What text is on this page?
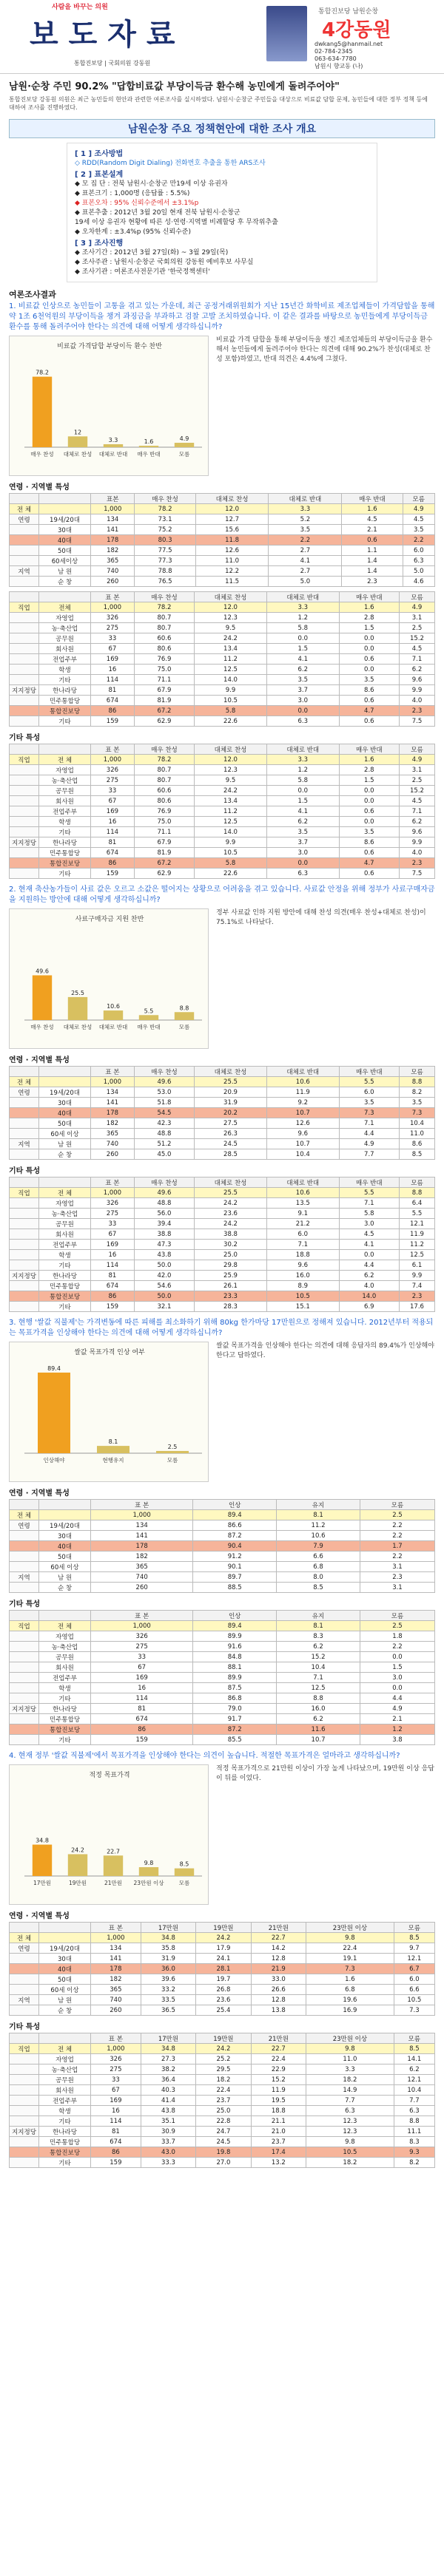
사람을 바꾸는 의원
보도자료
통합진보당 | 국회의원 강동원
통합진보당 남원순창
4강동원
dwkang5@hanmail.net
02-784-2345
063-634-7780
남원시 향교동 (나)
남원·순창 주민 90.2% "답합비료값 부당이득금 환수해 농민에게 돌려주어야"
통합진보당 강동원 의원은 최근 농민들의 현안과 관련한 여론조사를 실시하였다. 남원시·순창군 주민들을 대상으로 비료값 담합 문제, 농민들에 대한 정부 정책 등에 대하여 조사를 진행하였다.
남원순창 주요 정책현안에 대한 조사 개요
[ 1 ] 조사방법
◇ RDD(Random Digit Dialing) 전화번호 추출을 통한 ARS조사
[ 2 ] 표본설계
◆ 모 집 단 : 전북 남원시·순창군 만19세 이상 유권자
◆ 표본크기 : 1,000명 (응답률 : 5.5%)
◆ 표본오차 : 95% 신뢰수준에서 ±3.1%p
◆ 표본추출 : 2012년 3월 20일 현재 전북 남원시·순창군
19세 이상 유권자 현황에 따른 성·연령·지역별 비례할당 후 무작위추출
◆ 오차한계 : ±3.4%p (95% 신뢰수준)
[ 3 ] 조사진행
◆ 조사기간 : 2012년 3월 27일(화) ~ 3월 29일(목)
◆ 조사주관 : 남원시·순창군 국회의원 강동원 예비후보 사무실
◆ 조사기관 : 여론조사전문기관 '한국정책센터'
여론조사결과
1. 비료값 인상으로 농민들이 고통을 겪고 있는 가운데, 최근 공정거래위원회가 지난 15년간 화학비료 제조업체들이 가격담합을 통해 약 1조 6천억원의 부당이득을 챙겨 과징금을 부과하고 검찰 고발 조치하였습니다. 이 같은 결과를 바탕으로 농민들에게 부당이득금 환수를 통해 돌려주어야 한다는 의견에 대해 어떻게 생각하십니까?
비료값 가격담합 부당이득 환수 찬반
78.2
매우 찬성
12
대체로 찬성
3.3
대체로 반대
1.6
매우 반대
4.9
모름
비료값 가격 담합을 통해 부당이득을 챙긴 제조업체들의 부당이득금을 환수해서 농민들에게 돌려주어야 한다는 의견에 대해 90.2%가 찬성(대체로 찬성 포함)하였고, 반대 의견은 4.4%에 그쳤다.
연령 · 지역별 특성
		표본	매우 찬성	대체로 찬성	대체로 반대	매우 반대	모름
전 체		1,000	78.2	12.0	3.3	1.6	4.9
연령	19세/20대	134	73.1	12.7	5.2	4.5	4.5
	30대	141	75.2	15.6	3.5	2.1	3.5
	40대	178	80.3	11.8	2.2	0.6	2.2
	50대	182	77.5	12.6	2.7	1.1	6.0
	60세이상	365	77.3	11.0	4.1	1.4	6.3
지역	남 원	740	78.8	12.2	2.7	1.4	5.0
	순 창	260	76.5	11.5	5.0	2.3	4.6
		표 본	매우 찬성	대체로 찬성	대체로 반대	매우 반대	모름
직업	전체	1,000	78.2	12.0	3.3	1.6	4.9
	자영업	326	80.7	12.3	1.2	2.8	3.1
	농·축산업	275	80.7	9.5	5.8	1.5	2.5
	공무원	33	60.6	24.2	0.0	0.0	15.2
	회사원	67	80.6	13.4	1.5	0.0	4.5
	전업주부	169	76.9	11.2	4.1	0.6	7.1
	학생	16	75.0	12.5	6.2	0.0	6.2
	기타	114	71.1	14.0	3.5	3.5	9.6
지지정당	한나라당	81	67.9	9.9	3.7	8.6	9.9
	민주통합당	674	81.9	10.5	3.0	0.6	4.0
	통합진보당	86	67.2	5.8	0.0	4.7	2.3
	기타	159	62.9	22.6	6.3	0.6	7.5
기타 특성
		표 본	매우 찬성	대체로 찬성	대체로 반대	매우 반대	모름
직업	전 체	1,000	78.2	12.0	3.3	1.6	4.9
	자영업	326	80.7	12.3	1.2	2.8	3.1
	농·축산업	275	80.7	9.5	5.8	1.5	2.5
	공무원	33	60.6	24.2	0.0	0.0	15.2
	회사원	67	80.6	13.4	1.5	0.0	4.5
	전업주부	169	76.9	11.2	4.1	0.6	7.1
	학생	16	75.0	12.5	6.2	0.0	6.2
	기타	114	71.1	14.0	3.5	3.5	9.6
지지정당	한나라당	81	67.9	9.9	3.7	8.6	9.9
	민주통합당	674	81.9	10.5	3.0	0.6	4.0
	통합진보당	86	67.2	5.8	0.0	4.7	2.3
	기타	159	62.9	22.6	6.3	0.6	7.5
2. 현재 축산농가들이 사료 값은 오르고 소값은 떨어지는 상황으로 어려움을 겪고 있습니다. 사료값 안정을 위해 정부가 사료구매자금을 지원하는 방안에 대해 어떻게 생각하십니까?
사료구매자금 지원 찬반
49.6
매우 찬성
25.5
대체로 찬성
10.6
대체로 반대
5.5
매우 반대
8.8
모름
정부 사료값 인하 지원 방안에 대해 찬성 의견(매우 찬성+대체로 찬성)이 75.1%로 나타났다.
연령 · 지역별 특성
		표 본	매우 찬성	대체로 찬성	대체로 반대	매우 반대	모름
전 체		1,000	49.6	25.5	10.6	5.5	8.8
연령	19세/20대	134	53.0	20.9	11.9	6.0	8.2
	30대	141	51.8	31.9	9.2	3.5	3.5
	40대	178	54.5	20.2	10.7	7.3	7.3
	50대	182	42.3	27.5	12.6	7.1	10.4
	60세 이상	365	48.8	26.3	9.6	4.4	11.0
지역	남 원	740	51.2	24.5	10.7	4.9	8.6
	순 창	260	45.0	28.5	10.4	7.7	8.5
기타 특성
		표 본	매우 찬성	대체로 찬성	대체로 반대	매우 반대	모름
직업	전 체	1,000	49.6	25.5	10.6	5.5	8.8
	자영업	326	48.8	24.2	13.5	7.1	6.4
	농·축산업	275	56.0	23.6	9.1	5.8	5.5
	공무원	33	39.4	24.2	21.2	3.0	12.1
	회사원	67	38.8	38.8	6.0	4.5	11.9
	전업주부	169	47.3	30.2	7.1	4.1	11.2
	학생	16	43.8	25.0	18.8	0.0	12.5
	기타	114	50.0	29.8	9.6	4.4	6.1
지지정당	한나라당	81	42.0	25.9	16.0	6.2	9.9
	민주통합당	674	54.6	26.1	8.9	4.0	7.4
	통합진보당	86	50.0	23.3	10.5	14.0	2.3
	기타	159	32.1	28.3	15.1	6.9	17.6
3. 현행 '쌀값 직불제'는 가격변동에 따른 피해를 최소화하기 위해 80kg 한가마당 17만원으로 정해져 있습니다. 2012년부터 적용되는 목표가격을 인상해야 한다는 의견에 대해 어떻게 생각하십니까?
쌀값 목표가격 인상 여부
89.4
인상해야
8.1
현행유지
2.5
모름
쌀값 목표가격을 인상해야 한다는 의견에 대해 응답자의 89.4%가 인상해야 한다고 답하였다.
연령 · 지역별 특성
		표 본	인상	유지	모름
전 체		1,000	89.4	8.1	2.5
연령	19세/20대	134	86.6	11.2	2.2
	30대	141	87.2	10.6	2.2
	40대	178	90.4	7.9	1.7
	50대	182	91.2	6.6	2.2
	60세 이상	365	90.1	6.8	3.1
지역	남 원	740	89.7	8.0	2.3
	순 창	260	88.5	8.5	3.1
기타 특성
		표 본	인상	유지	모름
직업	전 체	1,000	89.4	8.1	2.5
	자영업	326	89.9	8.3	1.8
	농·축산업	275	91.6	6.2	2.2
	공무원	33	84.8	15.2	0.0
	회사원	67	88.1	10.4	1.5
	전업주부	169	89.9	7.1	3.0
	학생	16	87.5	12.5	0.0
	기타	114	86.8	8.8	4.4
지지정당	한나라당	81	79.0	16.0	4.9
	민주통합당	674	91.7	6.2	2.1
	통합진보당	86	87.2	11.6	1.2
	기타	159	85.5	10.7	3.8
4. 현재 정부 '쌀값 직불제'에서 목표가격을 인상해야 한다는 의견이 높습니다. 적절한 목표가격은 얼마라고 생각하십니까?
적정 목표가격
34.8
17만원
24.2
19만원
22.7
21만원
9.8
23만원 이상
8.5
모름
적정 목표가격으로 21만원 이상이 가장 높게 나타났으며, 19만원 이상 응답이 뒤를 이었다.
연령 · 지역별 특성
		표 본	17만원	19만원	21만원	23만원 이상	모름
전 체		1,000	34.8	24.2	22.7	9.8	8.5
연령	19세/20대	134	35.8	17.9	14.2	22.4	9.7
	30대	141	31.9	24.1	12.8	19.1	12.1
	40대	178	36.0	28.1	21.9	7.3	6.7
	50대	182	39.6	19.7	33.0	1.6	6.0
	60세 이상	365	33.2	26.8	26.6	6.8	6.6
지역	남 원	740	33.5	23.6	12.8	19.6	10.5
	순 창	260	36.5	25.4	13.8	16.9	7.3
기타 특성
		표 본	17만원	19만원	21만원	23만원 이상	모름
직업	전 체	1,000	34.8	24.2	22.7	9.8	8.5
	자영업	326	27.3	25.2	22.4	11.0	14.1
	농·축산업	275	38.2	29.5	22.9	3.3	6.2
	공무원	33	36.4	18.2	15.2	18.2	12.1
	회사원	67	40.3	22.4	11.9	14.9	10.4
	전업주부	169	41.4	23.7	19.5	7.7	7.7
	학생	16	43.8	25.0	18.8	6.3	6.3
	기타	114	35.1	22.8	21.1	12.3	8.8
지지정당	한나라당	81	30.9	24.7	21.0	12.3	11.1
	민주통합당	674	33.7	24.5	23.7	9.8	8.3
	통합진보당	86	43.0	19.8	17.4	10.5	9.3
	기타	159	33.3	27.0	13.2	18.2	8.2
